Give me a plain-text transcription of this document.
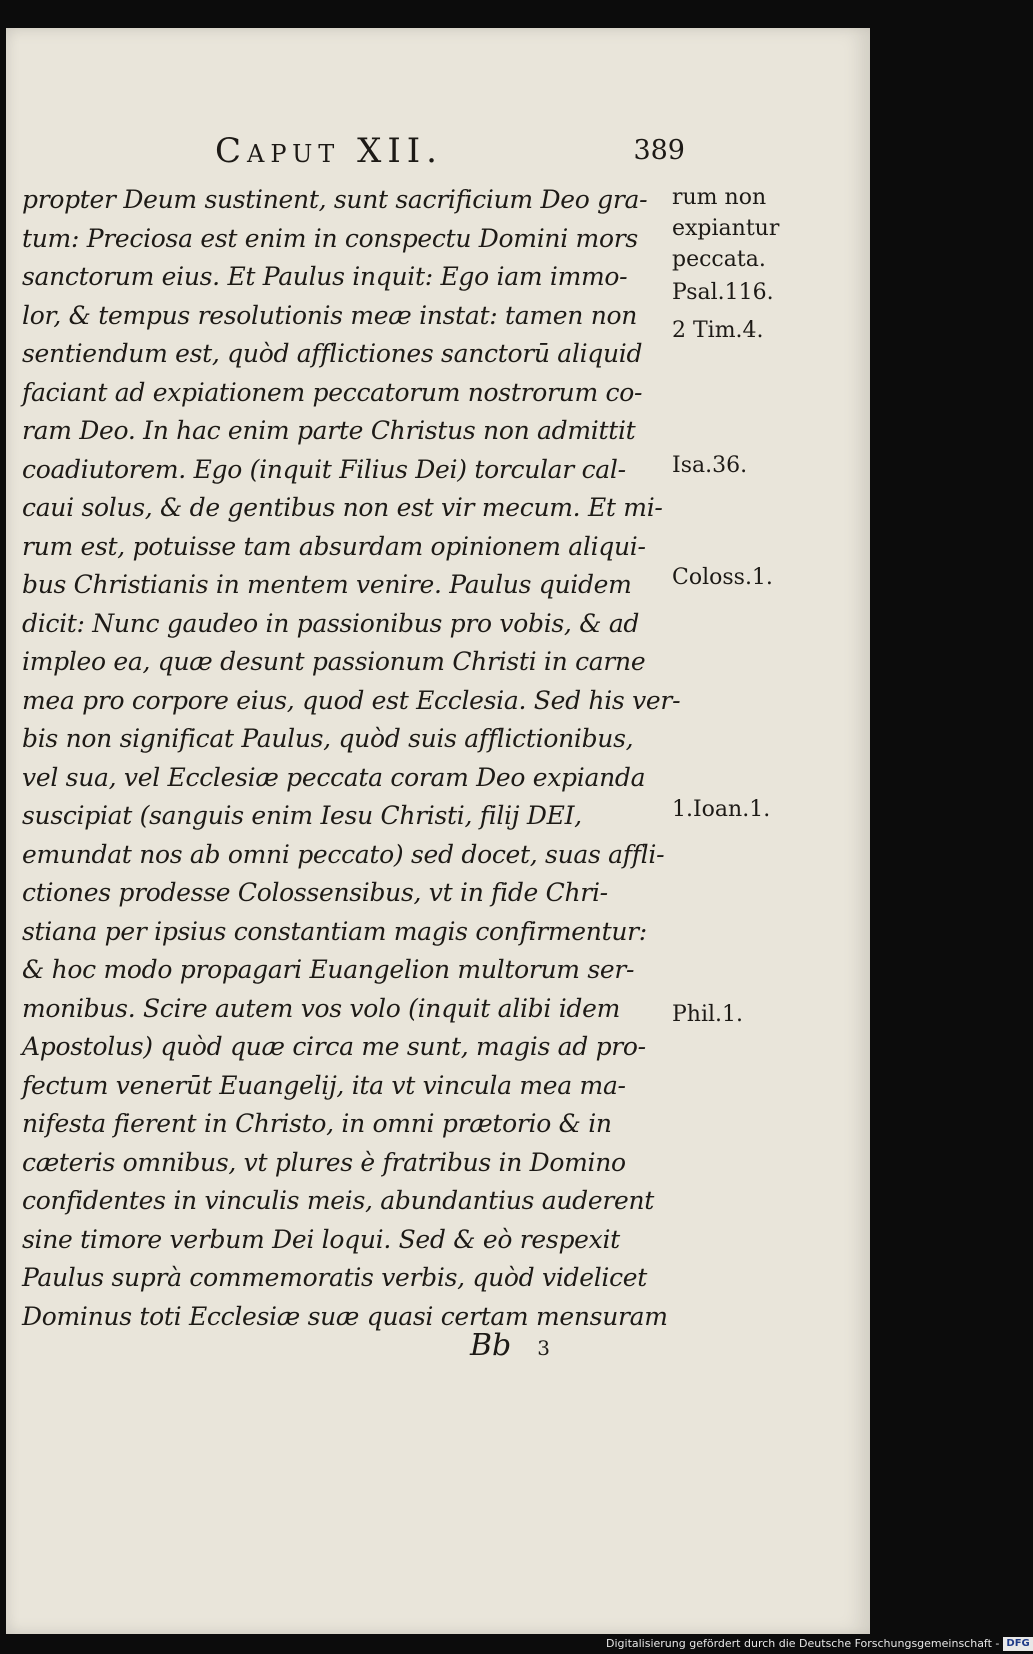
Caput XII.	389
propter Deum sustinent, sunt sacrificium Deo gra-
tum: Preciosa est enim in conspectu Domini mors
sanctorum eius. Et Paulus inquit: Ego iam immo-
lor, & tempus resolutionis meæ instat: tamen non
sentiendum est, quòd afflictiones sanctorū aliquid
faciant ad expiationem peccatorum nostrorum co-
ram Deo. In hac enim parte Christus non admittit
coadiutorem. Ego (inquit Filius Dei) torcular cal-
caui solus, & de gentibus non est vir mecum. Et mi-
rum est, potuisse tam absurdam opinionem aliqui-
bus Christianis in mentem venire. Paulus quidem
dicit: Nunc gaudeo in passionibus pro vobis, & ad
impleo ea, quæ desunt passionum Christi in carne
mea pro corpore eius, quod est Ecclesia. Sed his ver-
bis non significat Paulus, quòd suis afflictionibus,
vel sua, vel Ecclesiæ peccata coram Deo expianda
suscipiat (sanguis enim Iesu Christi, filij DEI,
emundat nos ab omni peccato) sed docet, suas affli-
ctiones prodesse Colossensibus, vt in fide Chri-
stiana per ipsius constantiam magis confirmentur:
& hoc modo propagari Euangelion multorum ser-
monibus. Scire autem vos volo (inquit alibi idem
Apostolus) quòd quæ circa me sunt, magis ad pro-
fectum venerūt Euangelij, ita vt vincula mea ma-
nifesta fierent in Christo, in omni prætorio & in
cæteris omnibus, vt plures è fratribus in Domino
confidentes in vinculis meis, abundantius auderent
sine timore verbum Dei loqui. Sed & eò respexit
Paulus suprà commemoratis verbis, quòd videlicet
Dominus toti Ecclesiæ suæ quasi certam mensuram
rum non
expiantur
peccata.
Psal.116.
2 Tim.4.
Isa.36.
Coloss.1.
1.Ioan.1.
Phil.1.
Bb 3
Digitalisierung gefördert durch die Deutsche Forschungsgemeinschaft - DFG
